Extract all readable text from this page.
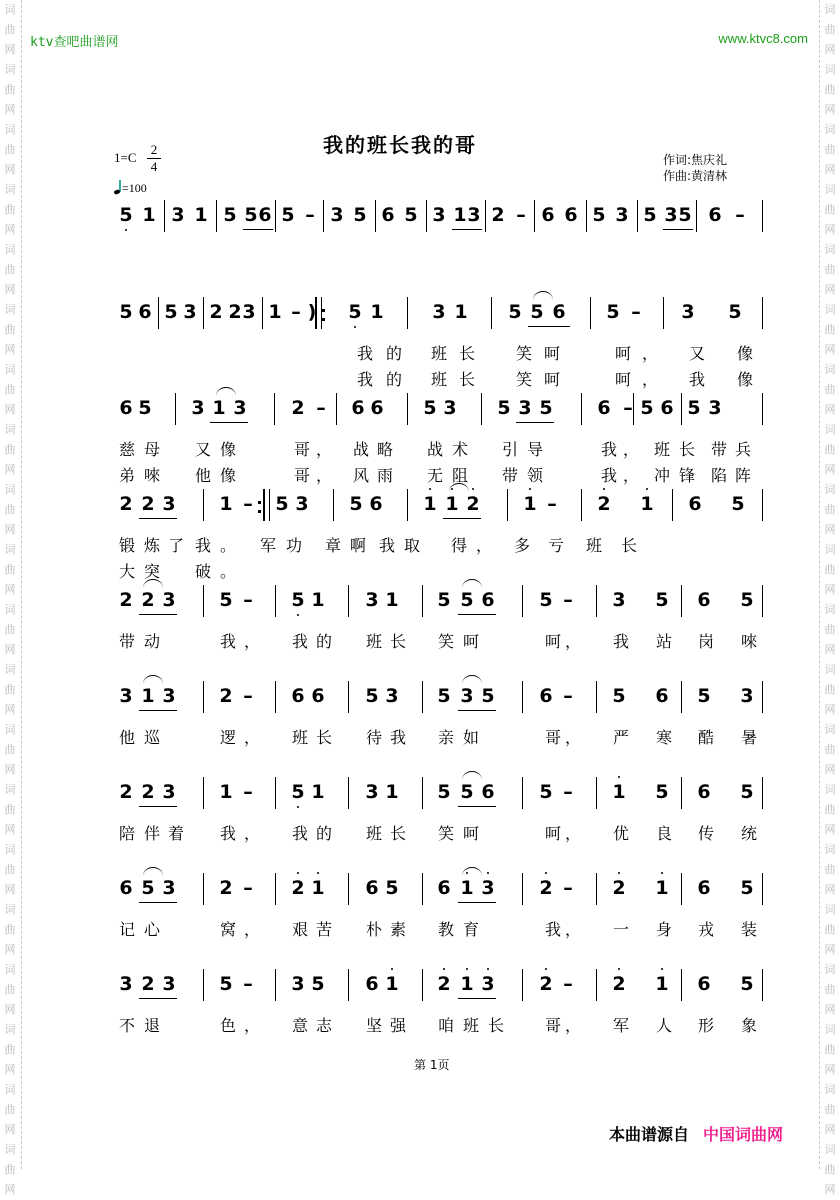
词
曲
网
词
曲
网
词
曲
网
词
曲
网
词
曲
网
词
曲
网
词
曲
网
词
曲
网
词
曲
网
词
曲
网
词
曲
网
词
曲
网
词
曲
网
词
曲
网
词
曲
网
词
曲
网
词
曲
网
词
曲
网
词
曲
网
词
曲
网
词
曲
网
词
曲
网
词
曲
网
词
曲
网
词
曲
网
词
曲
网
词
曲
网
词
曲
网
词
曲
网
词
曲
网
词
曲
网
词
曲
网
词
曲
网
词
曲
网
词
曲
网
词
曲
网
词
曲
网
词
曲
网
词
曲
网
词
曲
网
ktv查吧曲谱网	www.ktvc8.com
我的班长我的哥
$1=C \frac{2}{4}$
=100
作词:焦庆礼
作曲:黄清林
5 1 3 1 5 5 6 5 – 3 5 6 5 3 1 3 2 – 6 6 5 3 5 3 5 6 –
5 6 5 3 2 2 3 1 – ) 5 1	3 1 5 5 6 5 – 3 5
我 的 班 长	笑 呵	呵 ， 又 像
我 的 班 长	笑 呵	呵 ， 我 像
6 5 3 1 3 2 – 6 6 5 3 5 3 5 6 – 5 6 5 3
慈 母 又 像	哥 ， 战 略 战 术 引 导	我 ， 班 长 带 兵
弟 唻 他 像	哥 ， 风 雨 无 阻 带 领	我 ， 冲 锋 陷 阵
2 2 3 1 – 5 3 5 6 1 1 2 1 – 2 1 6 5
锻 炼 了 我 。 军 功 章 啊 我 取 得 ， 多 亏 班 长
大 突 破 。
2 2 3 5 – 5 1 3 1 5 5 6 5 – 3 5 6 5
带 动	我 ， 我 的 班 长 笑 呵	呵 ， 我 站 岗 唻
3 1 3 2 – 6 6 5 3 5 3 5 6 – 5 6 5 3
他 巡	逻 ， 班 长 待 我 亲 如	哥 ， 严 寒 酷 暑
2 2 3 1 – 5 1 3 1 5 5 6 5 – 1 5 6 5
陪 伴 着 我 ， 我 的 班 长 笑 呵	呵 ， 优 良 传 统
6 5 3 2 – 2 1 6 5 6 1 3 2 – 2 1 6 5
记 心	窝 ， 艰 苦 朴 素 教 育	我 ， 一 身 戎 装
3 2 3 5 – 3 5 6 1 2 1 3 2 – 2 1 6 5
不 退	色 ， 意 志 坚 强 咱 班 长	哥 ， 军 人 形 象
第 1页
本曲谱源自 中国词曲网
